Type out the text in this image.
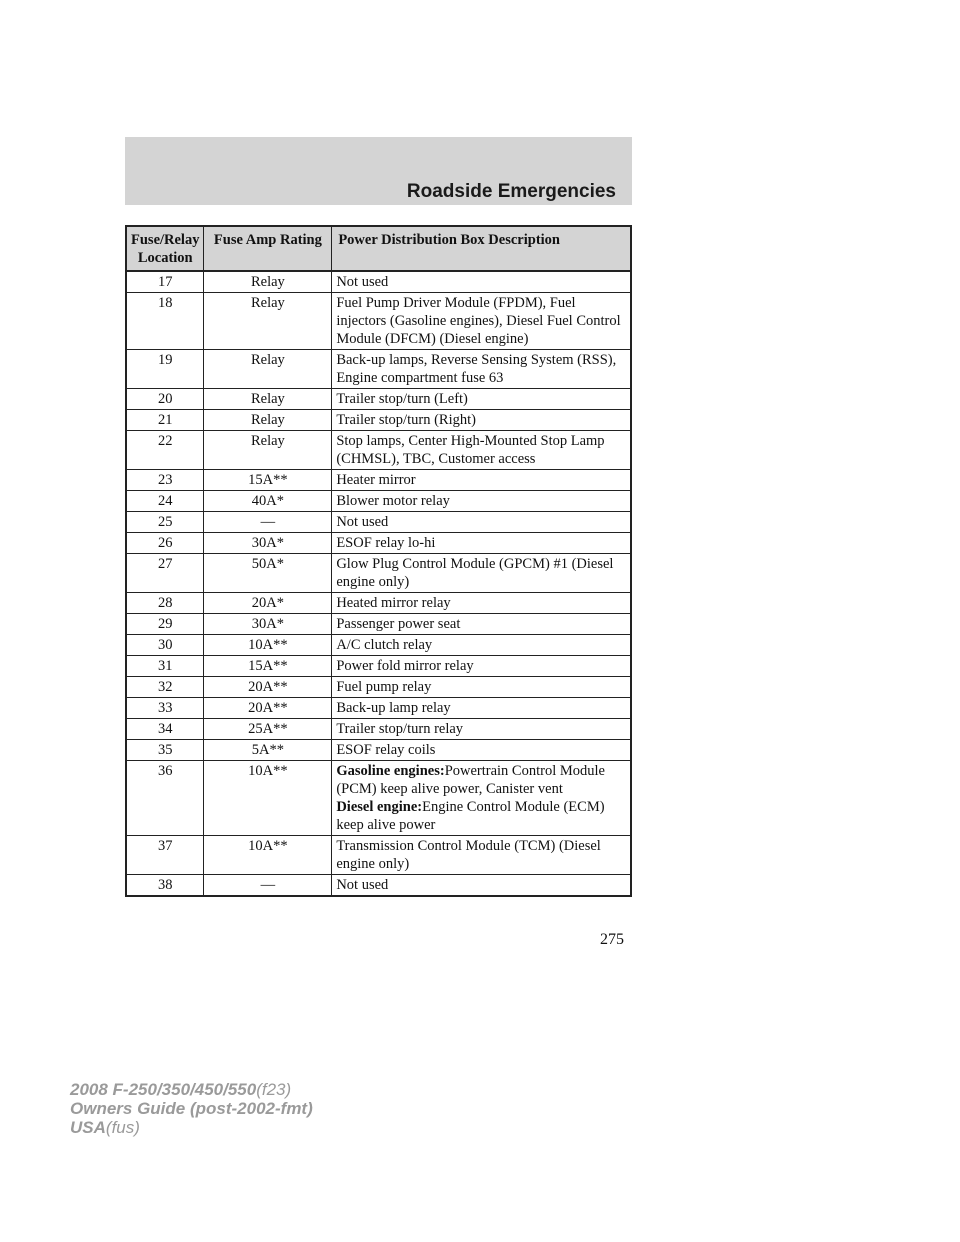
Roadside Emergencies
Fuse/Relay Location	Fuse Amp Rating	Power Distribution Box Description
17	Relay	Not used
18	Relay	Fuel Pump Driver Module (FPDM), Fuel injectors (Gasoline engines), Diesel Fuel Control Module (DFCM) (Diesel engine)
19	Relay	Back-up lamps, Reverse Sensing System (RSS), Engine compartment fuse 63
20	Relay	Trailer stop/turn (Left)
21	Relay	Trailer stop/turn (Right)
22	Relay	Stop lamps, Center High-Mounted Stop Lamp (CHMSL), TBC, Customer access
23	15A**	Heater mirror
24	40A*	Blower motor relay
25	—	Not used
26	30A*	ESOF relay lo-hi
27	50A*	Glow Plug Control Module (GPCM) #1 (Diesel engine only)
28	20A*	Heated mirror relay
29	30A*	Passenger power seat
30	10A**	A/C clutch relay
31	15A**	Power fold mirror relay
32	20A**	Fuel pump relay
33	20A**	Back-up lamp relay
34	25A**	Trailer stop/turn relay
35	5A**	ESOF relay coils
36	10A**	Gasoline engines:Powertrain Control Module (PCM) keep alive power, Canister vent
Diesel engine:Engine Control Module (ECM) keep alive power

37	10A**	Transmission Control Module (TCM) (Diesel engine only)
38	—	Not used
275
2008 F-250/350/450/550(f23)
Owners Guide (post-2002-fmt)
USA(fus)
